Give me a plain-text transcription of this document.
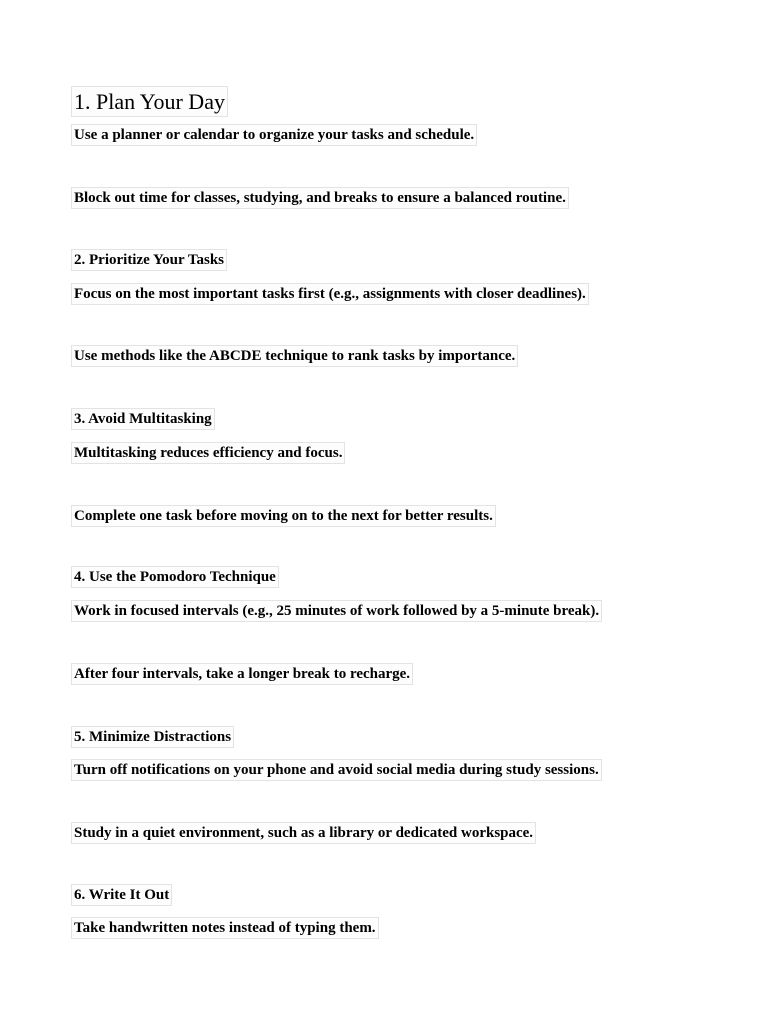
1. Plan Your Day
Use a planner or calendar to organize your tasks and schedule.
Block out time for classes, studying, and breaks to ensure a balanced routine.
2. Prioritize Your Tasks
Focus on the most important tasks first (e.g., assignments with closer deadlines).
Use methods like the ABCDE technique to rank tasks by importance.
3. Avoid Multitasking
Multitasking reduces efficiency and focus.
Complete one task before moving on to the next for better results.
4. Use the Pomodoro Technique
Work in focused intervals (e.g., 25 minutes of work followed by a 5-minute break).
After four intervals, take a longer break to recharge.
5. Minimize Distractions
Turn off notifications on your phone and avoid social media during study sessions.
Study in a quiet environment, such as a library or dedicated workspace.
6. Write It Out
Take handwritten notes instead of typing them.
